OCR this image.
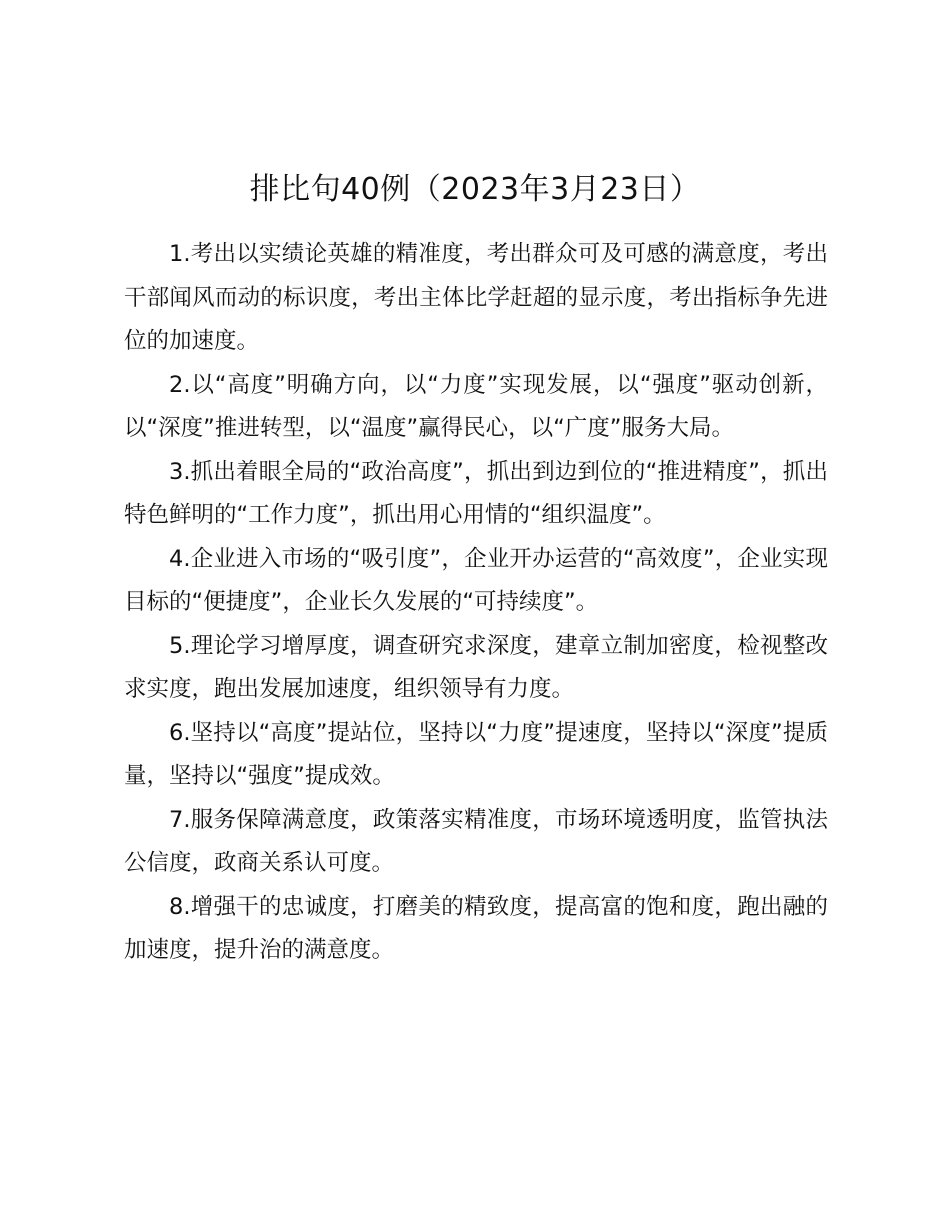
排比句40例（2023年3月23日）

1.考出以实绩论英雄的精准度，考出群众可及可感的满意度，考出干部闻风而动的标识度，考出主体比学赶超的显示度，考出指标争先进位的加速度。

2.以“高度”明确方向，以“力度”实现发展，以“强度”驱动创新，以“深度”推进转型，以“温度”赢得民心，以“广度”服务大局。

3.抓出着眼全局的“政治高度”，抓出到边到位的“推进精度”，抓出特色鲜明的“工作力度”，抓出用心用情的“组织温度”。

4.企业进入市场的“吸引度”，企业开办运营的“高效度”，企业实现目标的“便捷度”，企业长久发展的“可持续度”。

5.理论学习增厚度，调查研究求深度，建章立制加密度，检视整改求实度，跑出发展加速度，组织领导有力度。

6.坚持以“高度”提站位，坚持以“力度”提速度，坚持以“深度”提质量，坚持以“强度”提成效。

7.服务保障满意度，政策落实精准度，市场环境透明度，监管执法公信度，政商关系认可度。

8.增强干的忠诚度，打磨美的精致度，提高富的饱和度，跑出融的加速度，提升治的满意度。
